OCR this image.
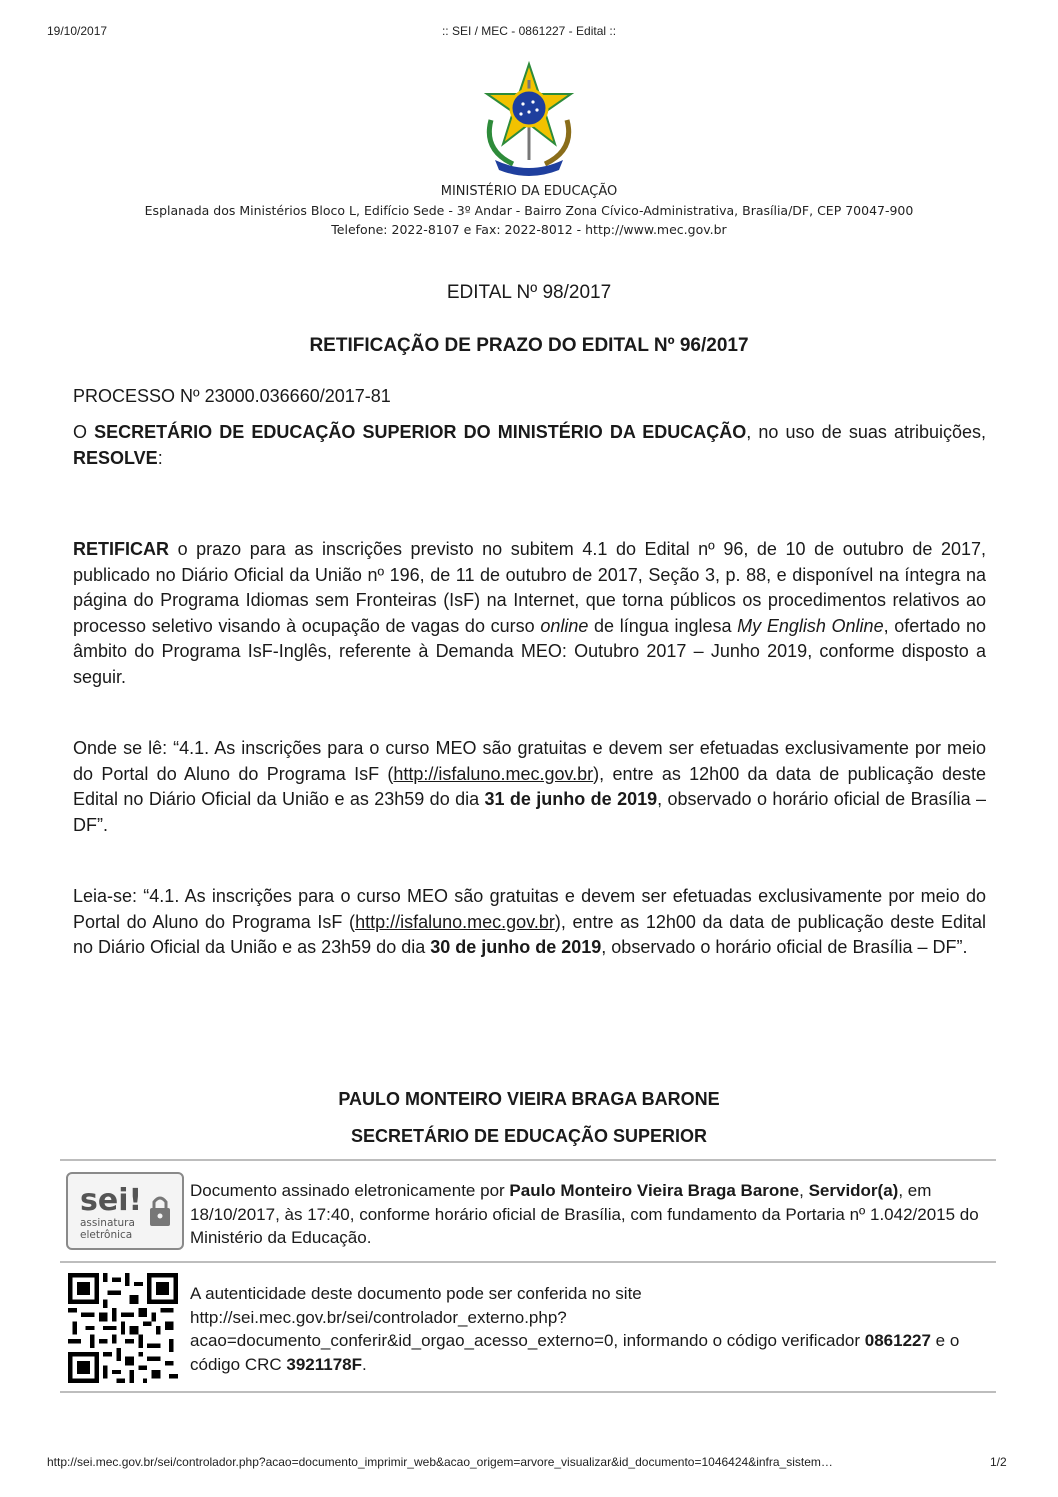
19/10/2017	:: SEI / MEC - 0861227 - Edital ::
MINISTÉRIO DA EDUCAÇÃO
Esplanada dos Ministérios Bloco L, Edifício Sede - 3º Andar - Bairro Zona Cívico-Administrativa, Brasília/DF, CEP 70047-900
Telefone: 2022-8107 e Fax: 2022-8012 - http://www.mec.gov.br
EDITAL Nº 98/2017
RETIFICAÇÃO DE PRAZO DO EDITAL Nº 96/2017
PROCESSO Nº 23000.036660/2017-81
O SECRETÁRIO DE EDUCAÇÃO SUPERIOR DO MINISTÉRIO DA EDUCAÇÃO, no uso de suas atribuições, RESOLVE:
RETIFICAR o prazo para as inscrições previsto no subitem 4.1 do Edital nº 96, de 10 de outubro de 2017, publicado no Diário Oficial da União nº 196, de 11 de outubro de 2017, Seção 3, p. 88, e disponível na íntegra na página do Programa Idiomas sem Fronteiras (IsF) na Internet, que torna públicos os procedimentos relativos ao processo seletivo visando à ocupação de vagas do curso online de língua inglesa My English Online, ofertado no âmbito do Programa IsF-Inglês, referente à Demanda MEO: Outubro 2017 – Junho 2019, conforme disposto a seguir.
Onde se lê: “4.1. As inscrições para o curso MEO são gratuitas e devem ser efetuadas exclusivamente por meio do Portal do Aluno do Programa IsF (http://isfaluno.mec.gov.br), entre as 12h00 da data de publicação deste Edital no Diário Oficial da União e as 23h59 do dia 31 de junho de 2019, observado o horário oficial de Brasília – DF”.
Leia-se: “4.1. As inscrições para o curso MEO são gratuitas e devem ser efetuadas exclusivamente por meio do Portal do Aluno do Programa IsF (http://isfaluno.mec.gov.br), entre as 12h00 da data de publicação deste Edital no Diário Oficial da União e as 23h59 do dia 30 de junho de 2019, observado o horário oficial de Brasília – DF”.
PAULO MONTEIRO VIEIRA BRAGA BARONE
SECRETÁRIO DE EDUCAÇÃO SUPERIOR
sei!
assinatura
eletrônica
Documento assinado eletronicamente por Paulo Monteiro Vieira Braga Barone, Servidor(a), em 18/10/2017, às 17:40, conforme horário oficial de Brasília, com fundamento da Portaria nº 1.042/2015 do Ministério da Educação.
A autenticidade deste documento pode ser conferida no site http://sei.mec.gov.br/sei/controlador_externo.php?acao=documento_conferir&id_orgao_acesso_externo=0, informando o código verificador 0861227 e o código CRC 3921178F.
http://sei.mec.gov.br/sei/controlador.php?acao=documento_imprimir_web&acao_origem=arvore_visualizar&id_documento=1046424&infra_sistem…	1/2
